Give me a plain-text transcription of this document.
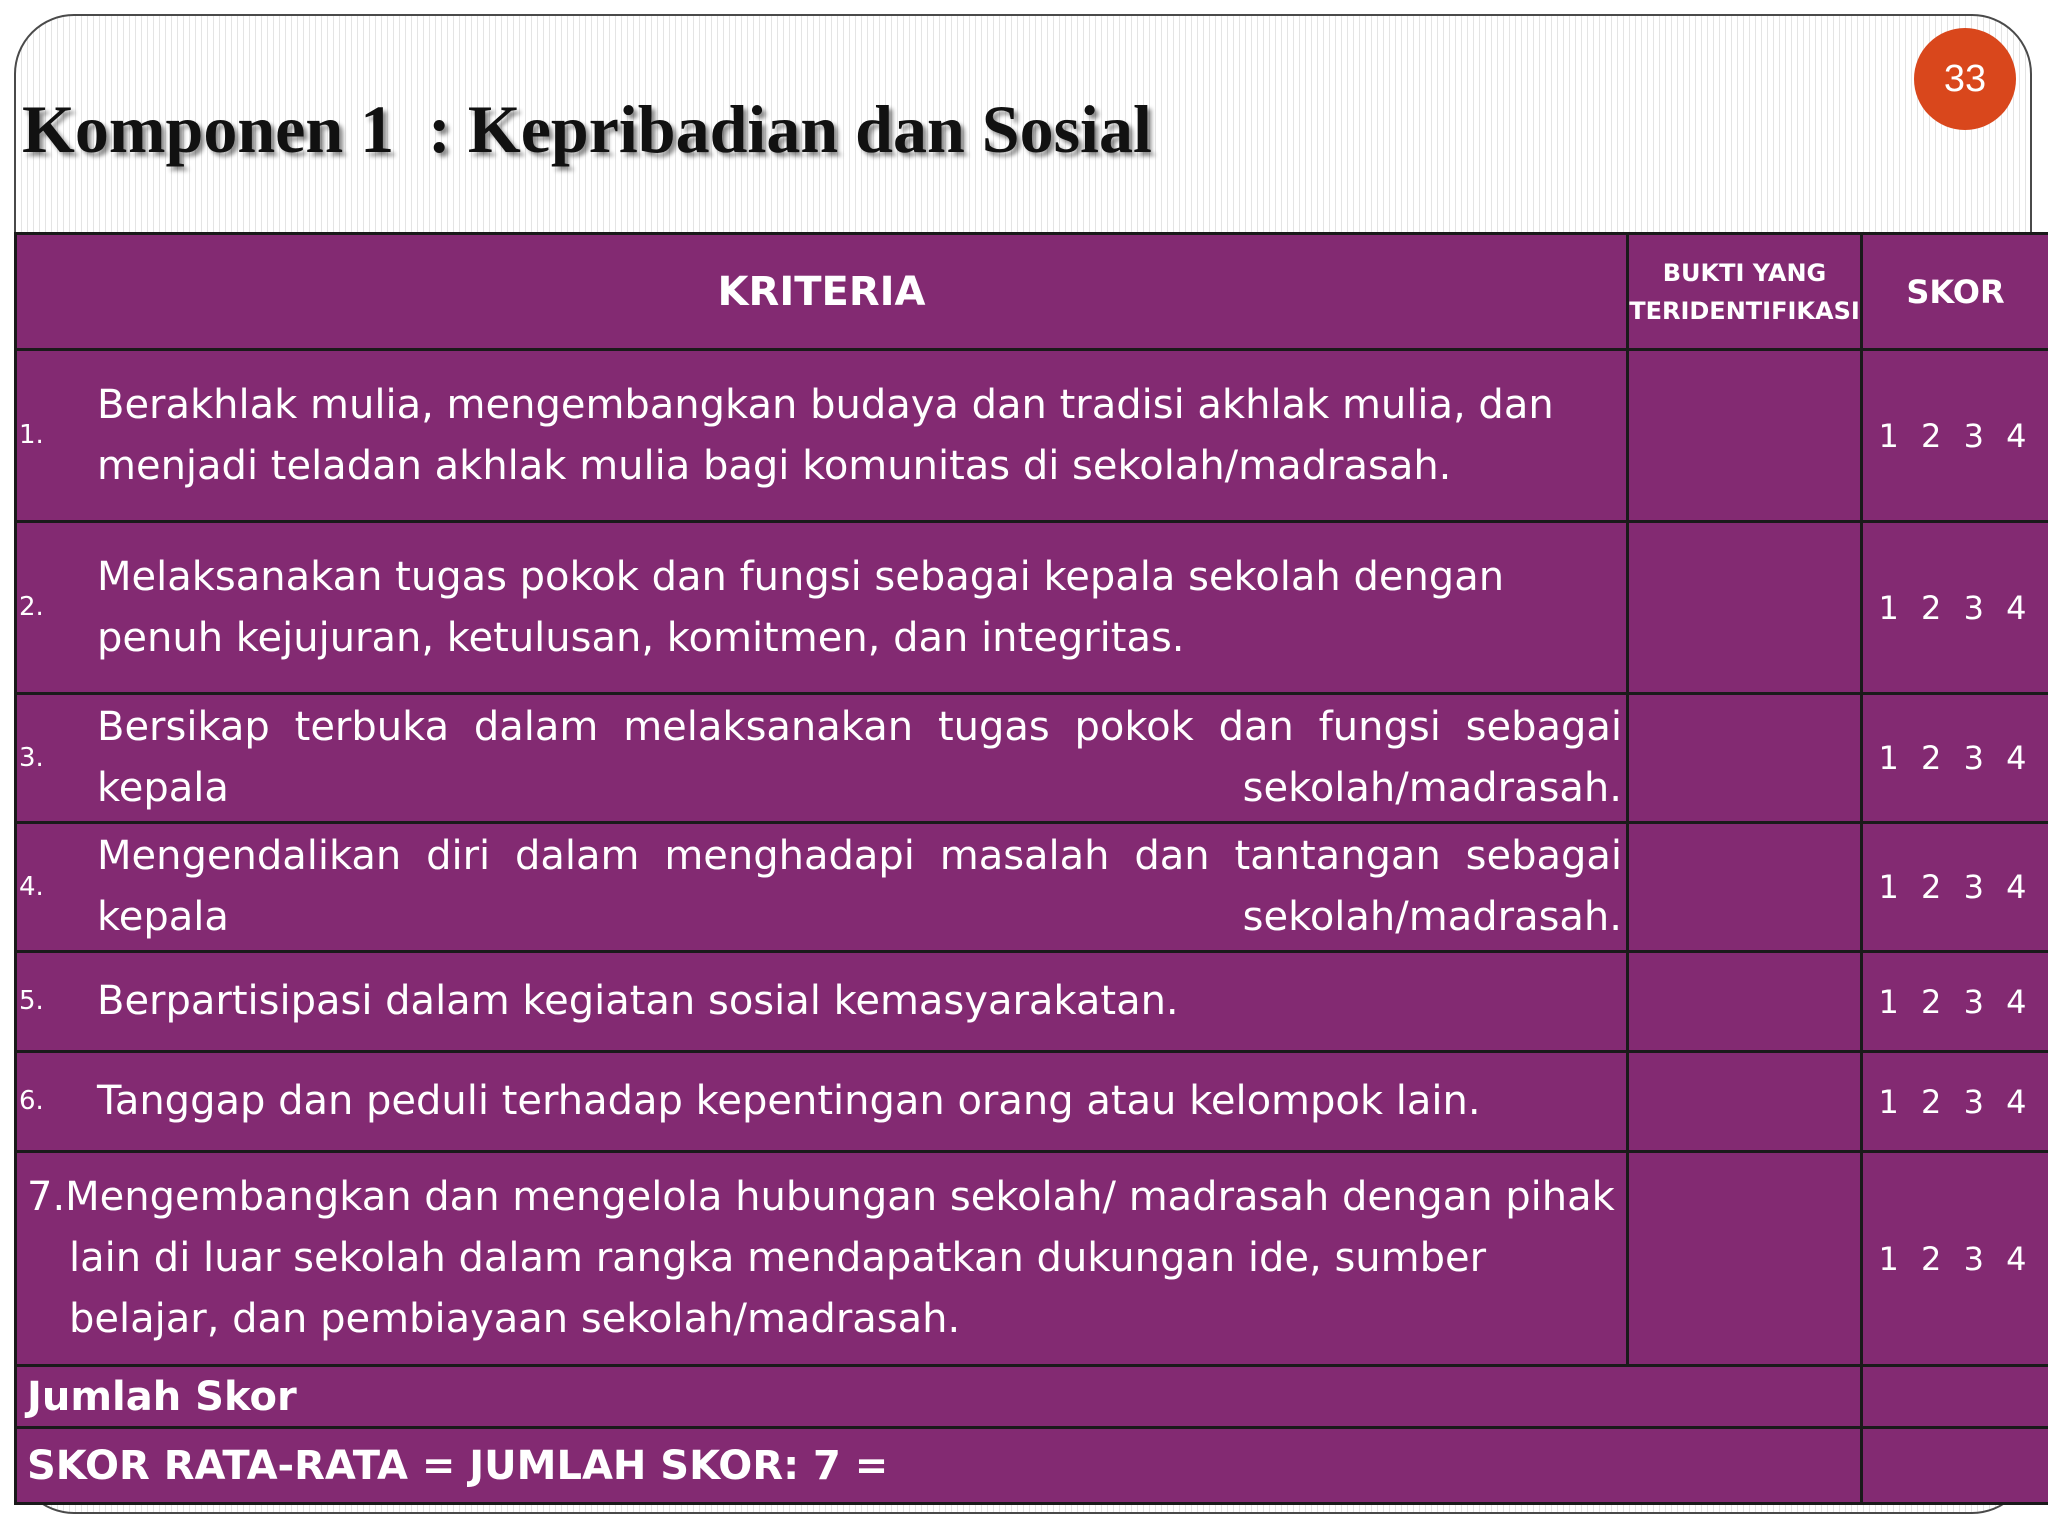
33
Komponen 1  : Kepribadian dan Sosial
KRITERIA	BUKTI YANG TERIDENTIFIKASI	SKOR

1.
Berakhlak mulia, mengembangkan budaya dan tradisi akhlak mulia, dan menjadi teladan akhlak mulia bagi komunitas di sekolah/madrasah.		1 2 3 4

2.
Melaksanakan tugas pokok dan fungsi sebagai kepala sekolah dengan penuh kejujuran, ketulusan, komitmen, dan integritas.		1 2 3 4

3.
Bersikap terbuka dalam melaksanakan tugas pokok dan fungsi sebagai kepala sekolah/madrasah.		1 2 3 4

4.
Mengendalikan diri dalam menghadapi masalah dan tantangan sebagai kepala sekolah/madrasah.		1 2 3 4

5. Berpartisipasi dalam kegiatan sosial kemasyarakatan.		1 2 3 4

6. Tanggap dan peduli terhadap kepentingan orang atau kelompok lain.		1 2 3 4

7.Mengembangkan dan mengelola hubungan sekolah/ madrasah dengan pihak lain di luar sekolah dalam rangka mendapatkan dukungan ide, sumber belajar, dan pembiayaan sekolah/madrasah.		1 2 3 4
Jumlah Skor		
SKOR RATA-RATA = JUMLAH SKOR: 7 =		
